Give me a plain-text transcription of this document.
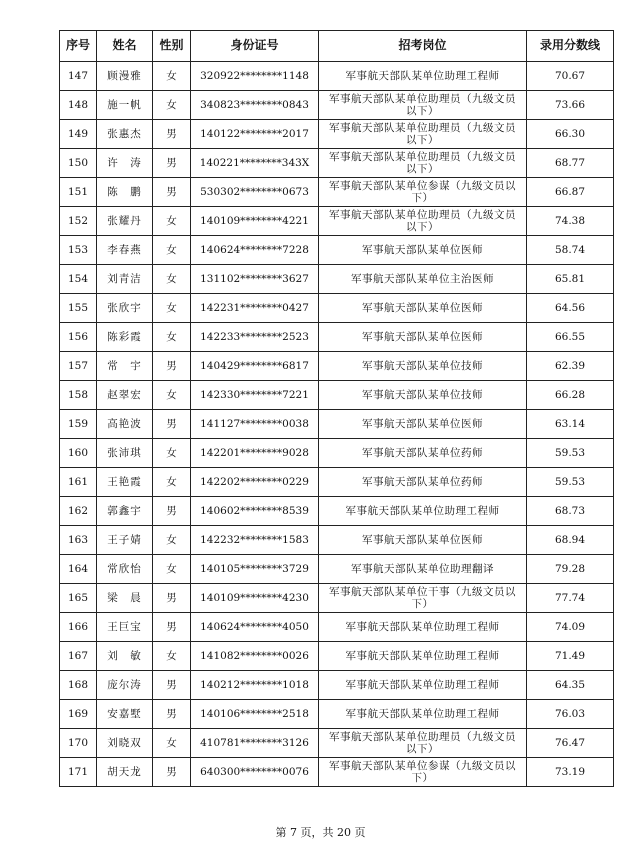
序号	姓名	性别	身份证号	招考岗位	录用分数线
147	顾漫雅	女	320922********1148	军事航天部队某单位助理工程师	70.67
148	施一帆	女	340823********0843	军事航天部队某单位助理员（九级文员以下）	73.66
149	张惠杰	男	140122********2017	军事航天部队某单位助理员（九级文员以下）	66.30
150	许　涛	男	140221********343X	军事航天部队某单位助理员（九级文员以下）	68.77
151	陈　鹏	男	530302********0673	军事航天部队某单位参谋（九级文员以下）	66.87
152	张耀丹	女	140109********4221	军事航天部队某单位助理员（九级文员以下）	74.38
153	李春燕	女	140624********7228	军事航天部队某单位医师	58.74
154	刘青洁	女	131102********3627	军事航天部队某单位主治医师	65.81
155	张欣宇	女	142231********0427	军事航天部队某单位医师	64.56
156	陈彩霞	女	142233********2523	军事航天部队某单位医师	66.55
157	常　宇	男	140429********6817	军事航天部队某单位技师	62.39
158	赵翠宏	女	142330********7221	军事航天部队某单位技师	66.28
159	高艳波	男	141127********0038	军事航天部队某单位医师	63.14
160	张沛琪	女	142201********9028	军事航天部队某单位药师	59.53
161	王艳霞	女	142202********0229	军事航天部队某单位药师	59.53
162	郭鑫宇	男	140602********8539	军事航天部队某单位助理工程师	68.73
163	王子婧	女	142232********1583	军事航天部队某单位医师	68.94
164	常欣怡	女	140105********3729	军事航天部队某单位助理翻译	79.28
165	梁　晨	男	140109********4230	军事航天部队某单位干事（九级文员以下）	77.74
166	王巨宝	男	140624********4050	军事航天部队某单位助理工程师	74.09
167	刘　敏	女	141082********0026	军事航天部队某单位助理工程师	71.49
168	庞尔涛	男	140212********1018	军事航天部队某单位助理工程师	64.35
169	安嘉墅	男	140106********2518	军事航天部队某单位助理工程师	76.03
170	刘晓双	女	410781********3126	军事航天部队某单位助理员（九级文员以下）	76.47
171	胡天龙	男	640300********0076	军事航天部队某单位参谋（九级文员以下）	73.19
第 7 页，共 20 页
